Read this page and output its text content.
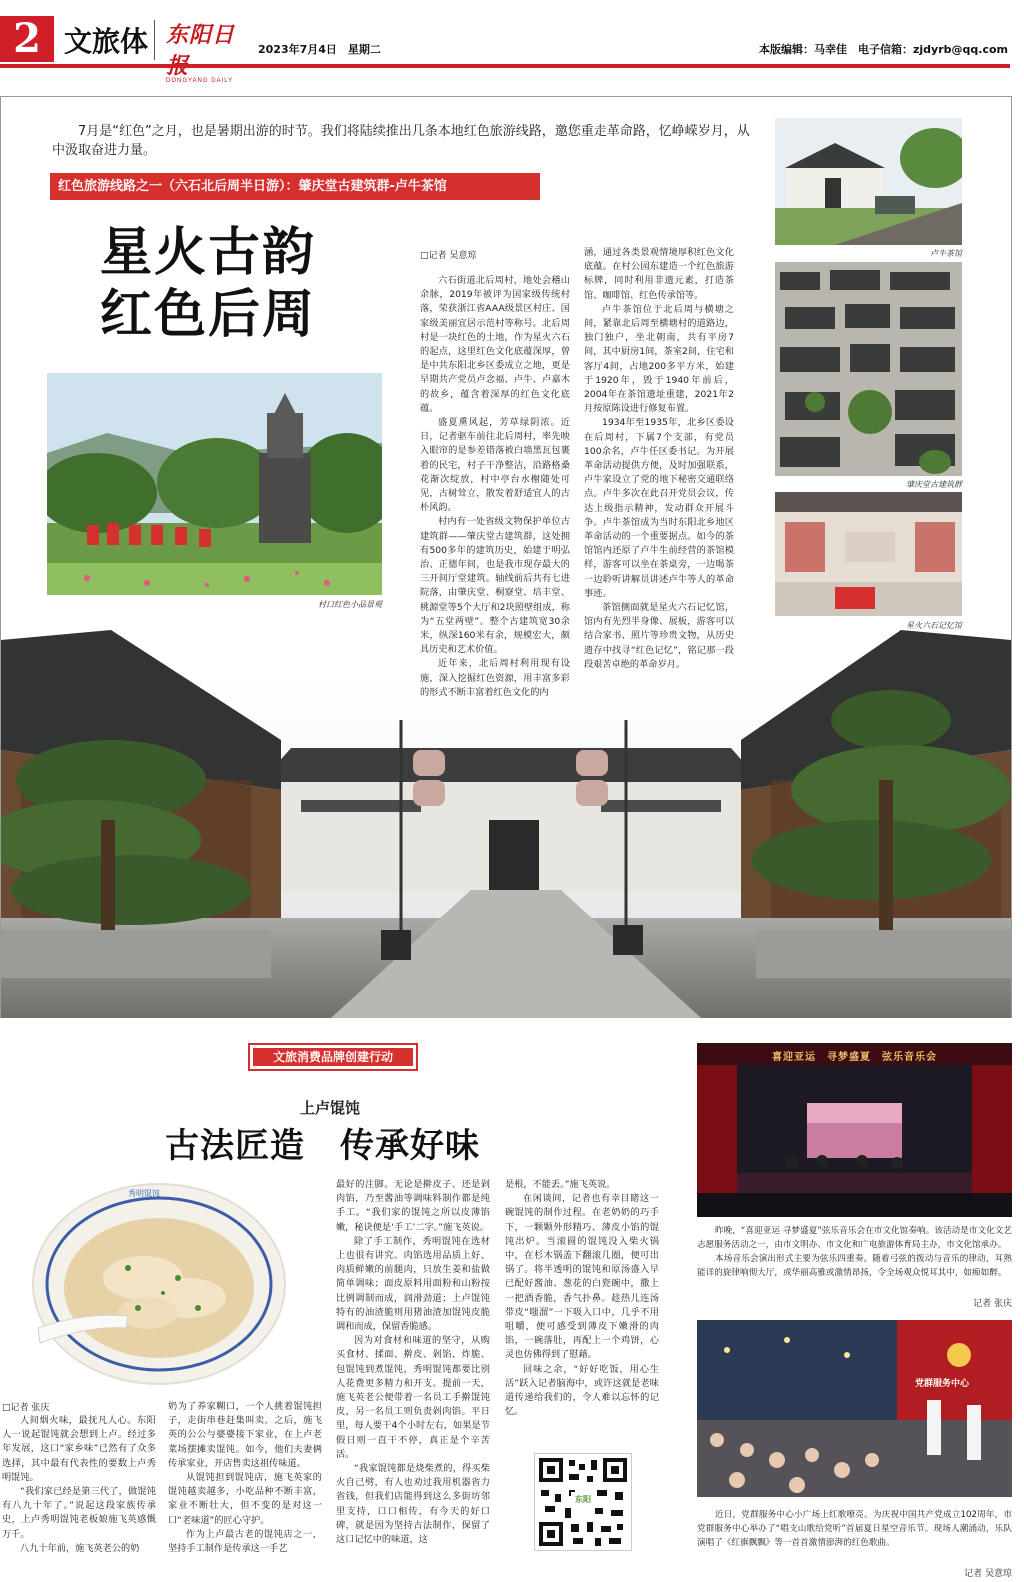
2 文旅体 东阳日报
DONGYANG DAILY
2023年7月4日　星期二	本版编辑：马幸佳　电子信箱：zjdyrb@qq.com
7月是“红色”之月，也是暑期出游的时节。我们将陆续推出几条本地红色旅游线路，邀您重走革命路，忆峥嵘岁月，从中汲取奋进力量。
红色旅游线路之一（六石北后周半日游）：肇庆堂古建筑群-卢牛茶馆
星火古韵
红色后周
村口红色小品景观
□记者 吴意琼

六石街道北后周村，地处会稽山余脉，2019年被评为国家级传统村落，荣获浙江省AAA级景区村庄、国家级美丽宜居示范村等称号。北后周村是一块红色的土地，作为星火六石的起点，这里红色文化底蕴深厚，曾是中共东阳北乡区委成立之地，更是早期共产党员卢念福、卢牛、卢嘉木的故乡，蕴含着深厚的红色文化底蕴。

盛夏熏风起，芳草绿阴浓。近日，记者驱车前往北后周村，率先映入眼帘的是参差错落被白墙黑瓦包裹着的民宅，村子干净整洁，沿路格桑花渐次绽放，村中亭台水榭随处可见，古树耸立，散发着舒适宜人的古朴风韵。

村内有一处省级文物保护单位古建筑群——肇庆堂古建筑群，这处拥有500多年的建筑历史，始建于明弘治、正德年间，也是我市现存最大的三开间厅堂建筑。轴线前后共有七进院落，由肇庆堂、桐寮堂、培丰堂、桃源堂等5个大厅和2块照壁组成，称为“五堂两壁”。整个古建筑宽30余米，纵深160米有余，规模宏大，颇具历史和艺术价值。

近年来，北后周村利用现有设施，深入挖掘红色资源，用丰富多彩的形式不断丰富着红色文化的内

涵，通过各类景观情境厚积红色文化底蕴。在村公园东建造一个红色旅游标牌，同时利用非遗元素，打造茶馆、咖啡馆、红色传承馆等。

卢牛茶馆位于北后周与横塘之间，紧靠北后周至横塘村的道路边，独门独户，坐北朝南，共有平房7间，其中厨房1间，茶室2间，住宅和客厅4间，占地200多平方米，始建于1920年，毁于1940年前后，2004年在茶馆遗址重建，2021年2月按原陈设进行修复布置。

1934年至1935年，北乡区委设在后周村，下属7个支部，有党员100余名，卢牛任区委书记。为开展革命活动提供方便，及时加强联系，卢牛家设立了党的地下秘密交通联络点。卢牛多次在此召开党员会议，传达上级指示精神，发动群众开展斗争。卢牛茶馆成为当时东阳北乡地区革命活动的一个重要据点。如今的茶馆馆内还原了卢牛生前经营的茶馆模样，游客可以坐在茶桌旁，一边喝茶一边聆听讲解员讲述卢牛等人的革命事迹。

茶馆侧面就是星火六石记忆馆，馆内有先烈半身像、展板，游客可以结合家书、照片等珍贵文物，从历史遗存中找寻“红色记忆”，铭记那一段段艰苦卓绝的革命岁月。

卢牛茶馆
肇庆堂古建筑群
星火六石记忆馆
文旅消费品牌创建行动
上卢馄饨
古法匠造　传承好味
秀明馄饨
□记者 张庆

人间烟火味，最抚凡人心。东阳人一说起馄饨就会想到上卢。经过多年发展，这口“家乡味”已然有了众多选择，其中最有代表性的要数上卢秀明馄饨。

“我们家已经是第三代了，做馄饨有八九十年了。”说起这段家族传承史，上卢秀明馄饨老板娘施飞英感慨万千。

八九十年前，施飞英老公的奶

奶为了养家糊口，一个人挑着馄饨担子，走街串巷赶集叫卖。之后，施飞英的公公与婆婆接下家业，在上卢老菜场摆摊卖馄饨。如今，他们夫妻俩传承家业，开店售卖这祖传味道。

从馄饨担到馄饨店，施飞英家的馄饨越卖越多，小吃品种不断丰富，家业不断壮大，但不变的是对这一口“老味道”的匠心守护。

作为上卢最古老的馄饨店之一，坚持手工制作是传承这一手艺

最好的注脚。无论是擀皮子、还是剁肉馅，乃至酱油等调味料制作都是纯手工。“我们家的馄饨之所以皮薄馅嫩，秘诀便是‘手工’二字。”施飞英说。

除了手工制作，秀明馄饨在选材上也很有讲究。肉馅选用品质上好、肉质鲜嫩的前腿肉，只放生姜和盐做简单调味；面皮原料用面粉和山粉按比例调制而成，润滑劲道；上卢馄饨特有的油渣脆则用猪油渣加馄饨皮脆调和而成，保留香脆感。

因为对食材和味道的坚守，从购买食材、揉面、擀皮、剁馅、炸脆、包馄饨到煮馄饨，秀明馄饨都要比别人花费更多精力和开支。提前一天，施飞英老公便带着一名员工手擀馄饨皮，另一名员工则负责剁肉馅。平日里，每人要干4个小时左右，如果是节假日则一直干不停，真正是个辛苦活。

“我家馄饨都是烧柴煮的，得买柴火自己劈，有人也劝过我用机器省力省钱，但我们店能得到这么多街坊邻里支持，口口相传，有今天的好口碑，就是因为坚持古法制作，保留了这口记忆中的味道，这

是根，不能丢。”施飞英说。

在闲谈间，记者也有幸目睹这一碗馄饨的制作过程。在老奶奶的巧手下，一颗颗外形精巧、薄皮小馅的馄饨出炉。当滚圆的馄饨没入柴火锅中，在杉木锅盖下翻滚几圈，便可出锅了。将半透明的馄饨和原汤盛入早已配好酱油、葱花的白瓷碗中，撒上一把酒香脆，香气扑鼻。趁热儿连汤带皮“嗤溜”一下吸入口中，几乎不用咀嚼，便可感受到薄皮下嫩滑的肉馅，一碗落肚，再配上一个鸡饼，心灵也仿佛得到了慰藉。

回味之余，“好好吃饭，用心生活”跃入记者脑海中，或许这就是老味道传递给我们的，令人难以忘怀的记忆。

东阳
喜迎亚运　寻梦盛夏　弦乐音乐会

昨晚，“喜迎亚运 寻梦盛夏”弦乐音乐会在市文化馆奏响。该活动是市文化文艺志愿服务活动之一，由市文明办、市文化和广电旅游体育局主办，市文化馆承办。

本场音乐会演出形式主要为弦乐四重奏。随着弓弦的拨动与音乐的律动，耳熟能详的旋律响彻大厅，或华丽高雅或激情昂扬，令全场观众悦耳其中，如痴如醉。

记者 张庆
党群服务中心

近日，党群服务中心小广场上红歌嘹亮。为庆祝中国共产党成立102周年，市党群服务中心举办了“唱支山歌给党听”首届夏日星空音乐节。现场人潮涌动，乐队演唱了《红旗飘飘》等一首首激情澎湃的红色歌曲。

记者 吴意琼
